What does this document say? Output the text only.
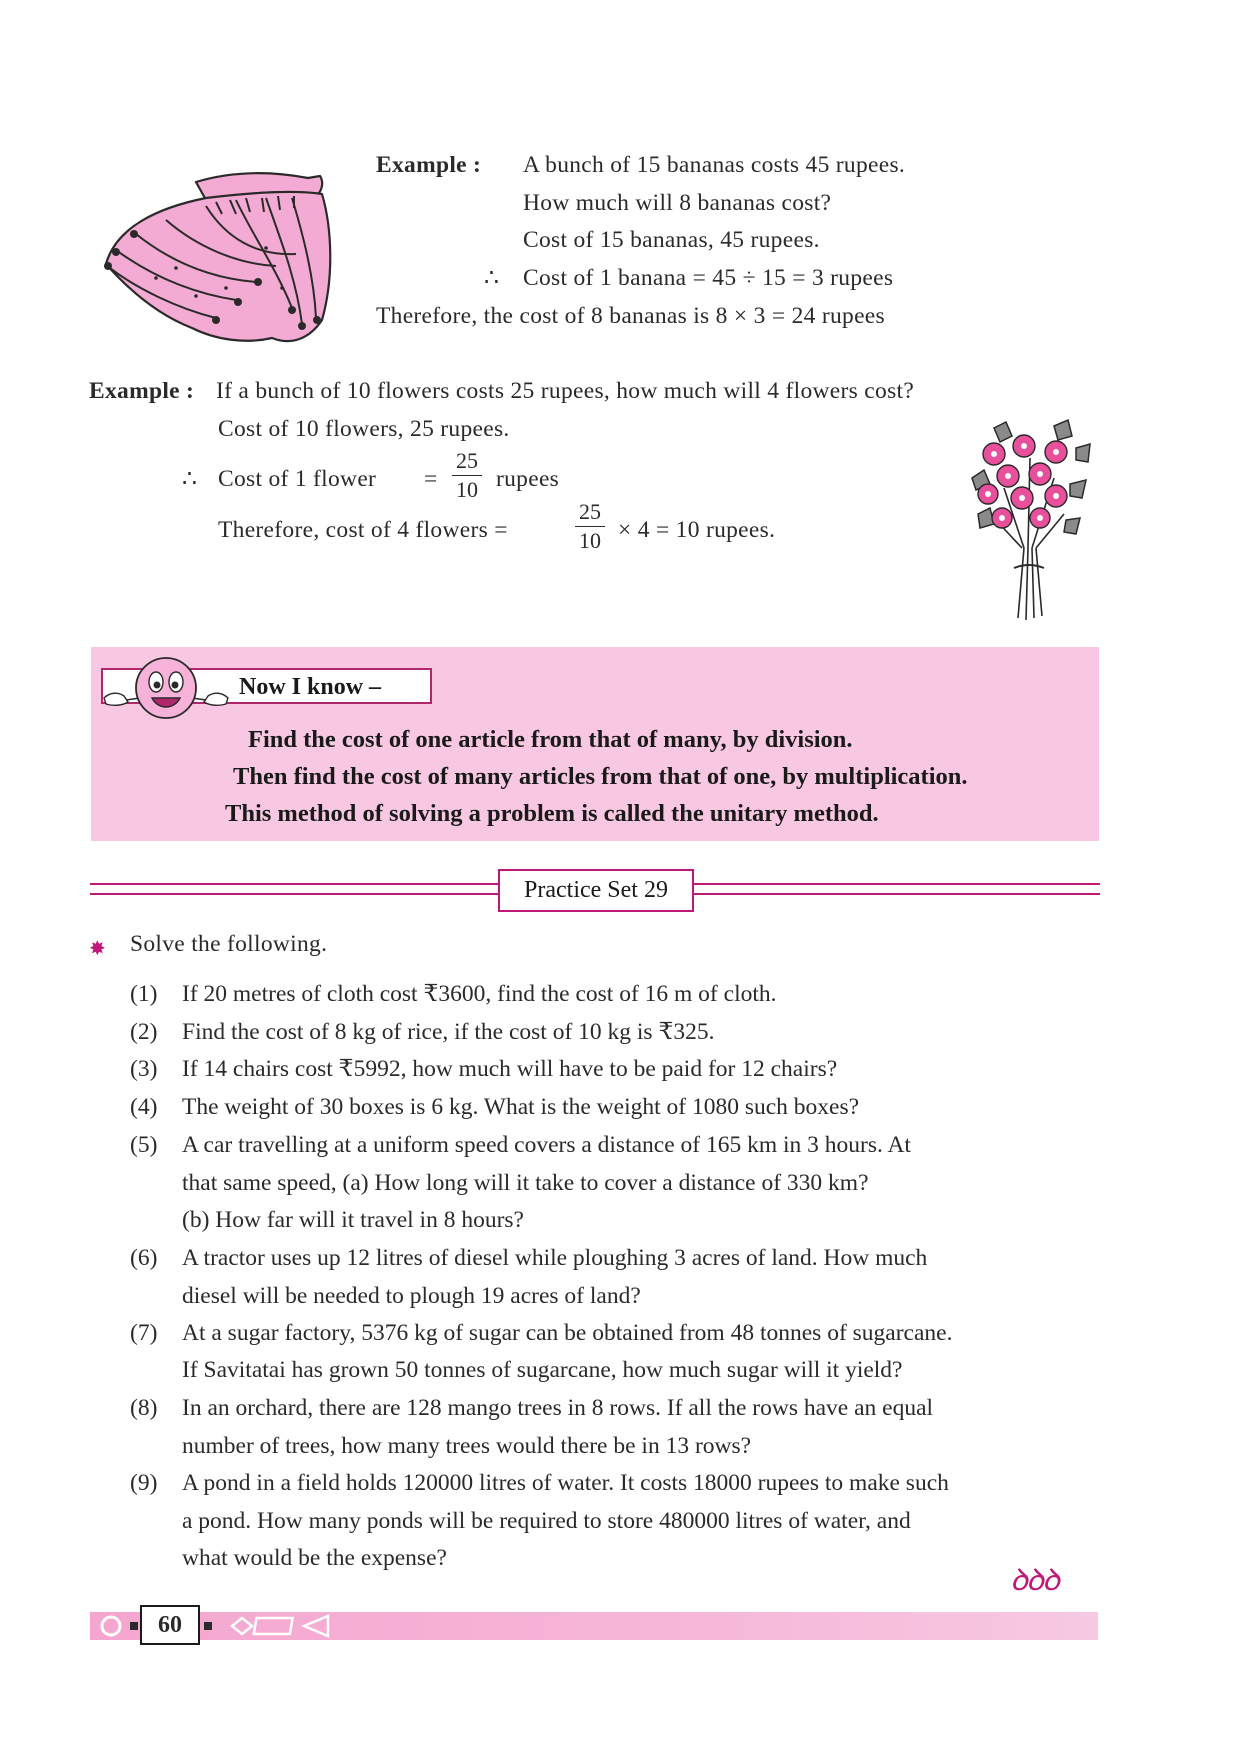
Example : A bunch of 15 bananas costs 45 rupees.
How much will 8 bananas cost?
Cost of 15 bananas, 45 rupees.
∴ Cost of 1 banana = 45 ÷ 15 = 3 rupees
Therefore, the cost of 8 bananas is 8 × 3 = 24 rupees
Example : If a bunch of 10 flowers costs 25 rupees, how much will 4 flowers cost?
Cost of 10 flowers, 25 rupees.
∴ Cost of 1 flower =
25
10 rupees
Therefore, cost of 4 flowers =
25
10 × 4 = 10 rupees.
Now I know –
Find the cost of one article from that of many, by division.
Then find the cost of many articles from that of one, by multiplication.
This method of solving a problem is called the unitary method.
Practice Set 29
✸ Solve the following.
(1) If 20 metres of cloth cost ₹3600, find the cost of 16 m of cloth.
(2) Find the cost of 8 kg of rice, if the cost of 10 kg is ₹325.
(3) If 14 chairs cost ₹5992, how much will have to be paid for 12 chairs?
(4) The weight of 30 boxes is 6 kg. What is the weight of 1080 such boxes?
(5) A car travelling at a uniform speed covers a distance of 165 km in 3 hours. At
that same speed, (a) How long will it take to cover a distance of 330 km?
(b) How far will it travel in 8 hours?
(6) A tractor uses up 12 litres of diesel while ploughing 3 acres of land. How much
diesel will be needed to plough 19 acres of land?
(7) At a sugar factory, 5376 kg of sugar can be obtained from 48 tonnes of sugarcane.
If Savitatai has grown 50 tonnes of sugarcane, how much sugar will it yield?
(8) In an orchard, there are 128 mango trees in 8 rows. If all the rows have an equal
number of trees, how many trees would there be in 13 rows?
(9) A pond in a field holds 120000 litres of water. It costs 18000 rupees to make such
a pond. How many ponds will be required to store 480000 litres of water, and
what would be the expense?
ꝺꝺꝺ
60
